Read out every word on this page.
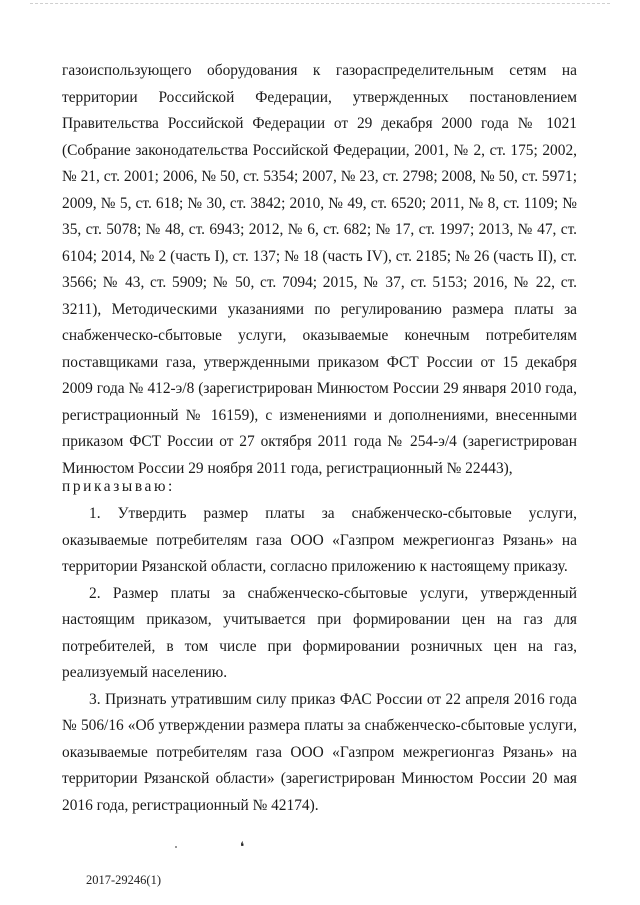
газоиспользующего оборудования к газораспределительным сетям на территории Российской Федерации, утвержденных постановлением Правительства Российской Федерации от 29 декабря 2000 года № 1021 (Собрание законодательства Российской Федерации, 2001, № 2, ст. 175; 2002, № 21, ст. 2001; 2006, № 50, ст. 5354; 2007, № 23, ст. 2798; 2008, № 50, ст. 5971; 2009, № 5, ст. 618; № 30, ст. 3842; 2010, № 49, ст. 6520; 2011, № 8, ст. 1109; № 35, ст. 5078; № 48, ст. 6943; 2012, № 6, ст. 682; № 17, ст. 1997; 2013, № 47, ст. 6104; 2014, № 2 (часть I), ст. 137; № 18 (часть IV), ст. 2185; № 26 (часть II), ст. 3566; № 43, ст. 5909; № 50, ст. 7094; 2015, № 37, ст. 5153; 2016, № 22, ст. 3211), Методическими указаниями по регулированию размера платы за снабженческо-сбытовые услуги, оказываемые конечным потребителям поставщиками газа, утвержденными приказом ФСТ России от 15 декабря 2009 года № 412-э/8 (зарегистрирован Минюстом России 29 января 2010 года, регистрационный № 16159), с изменениями и дополнениями, внесенными приказом ФСТ России от 27 октября 2011 года № 254-э/4 (зарегистрирован Минюстом России 29 ноября 2011 года, регистрационный № 22443),

приказываю:

1. Утвердить размер платы за снабженческо-сбытовые услуги, оказываемые потребителям газа ООО «Газпром межрегионгаз Рязань» на территории Рязанской области, согласно приложению к настоящему приказу.

2. Размер платы за снабженческо-сбытовые услуги, утвержденный настоящим приказом, учитывается при формировании цен на газ для потребителей, в том числе при формировании розничных цен на газ, реализуемый населению.

3. Признать утратившим силу приказ ФАС России от 22 апреля 2016 года № 506/16 «Об утверждении размера платы за снабженческо-сбытовые услуги, оказываемые потребителям газа ООО «Газпром межрегионгаз Рязань» на территории Рязанской области» (зарегистрирован Минюстом России 20 мая 2016 года, регистрационный № 42174).

❛
2017-29246(1)
